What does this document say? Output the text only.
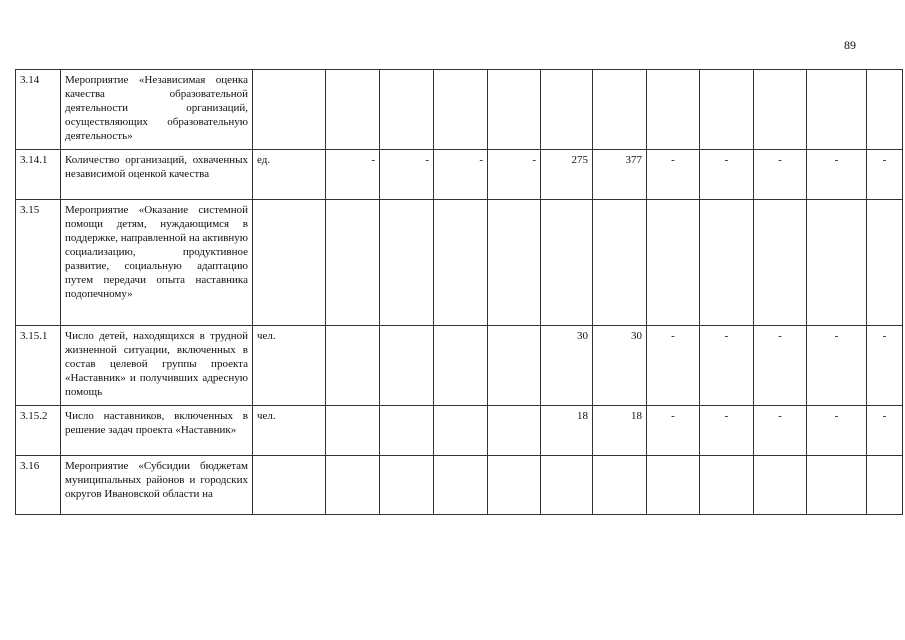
89
3.14	Мероприятие «Независимая оценка качества образовательной деятельности организаций, осуществляющих образовательную деятельность»												
3.14.1	Количество организаций, охваченных независимой оценкой качества	ед.	-	-	-	-	275	377	-	-	-	-	-
3.15	Мероприятие «Оказание системной помощи детям, нуждающимся в поддержке, направленной на активную социализацию, продуктивное развитие, социальную адаптацию путем передачи опыта наставника подопечному»												
3.15.1	Число детей, находящихся в трудной жизненной ситуации, включенных в состав целевой группы проекта «Наставник» и получивших адресную помощь	чел.					30	30	-	-	-	-	-
3.15.2	Число наставников, включенных в решение задач проекта «Наставник»	чел.					18	18	-	-	-	-	-
3.16	Мероприятие «Субсидии бюджетам муниципальных районов и городских округов Ивановской области на												
